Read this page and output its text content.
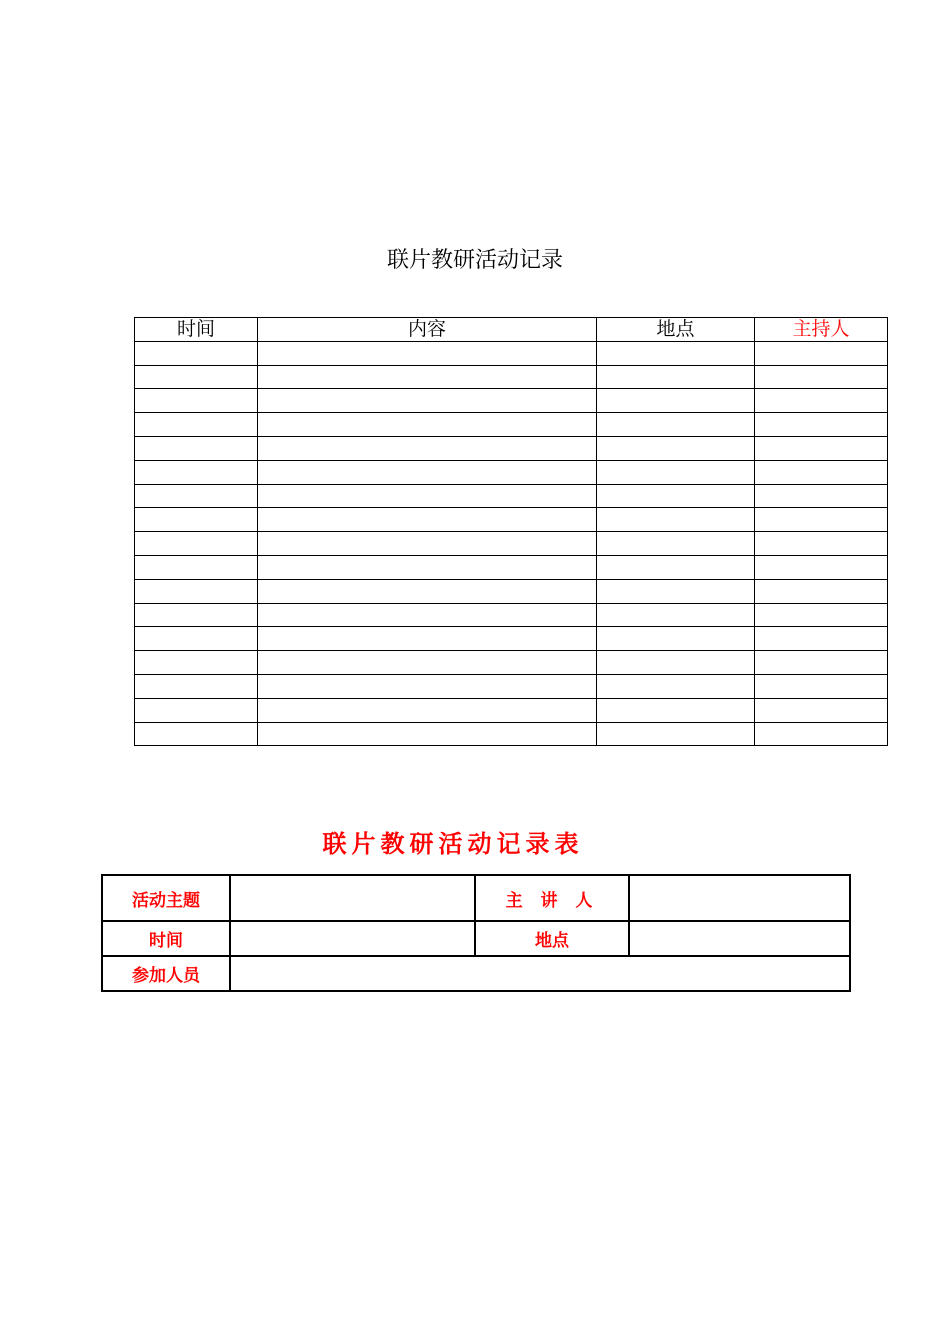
联片教研活动记录
时间	内容	地点	主持人

联片教研活动记录表
活动主题		主 讲 人	
时间		地点	
参加人员			
